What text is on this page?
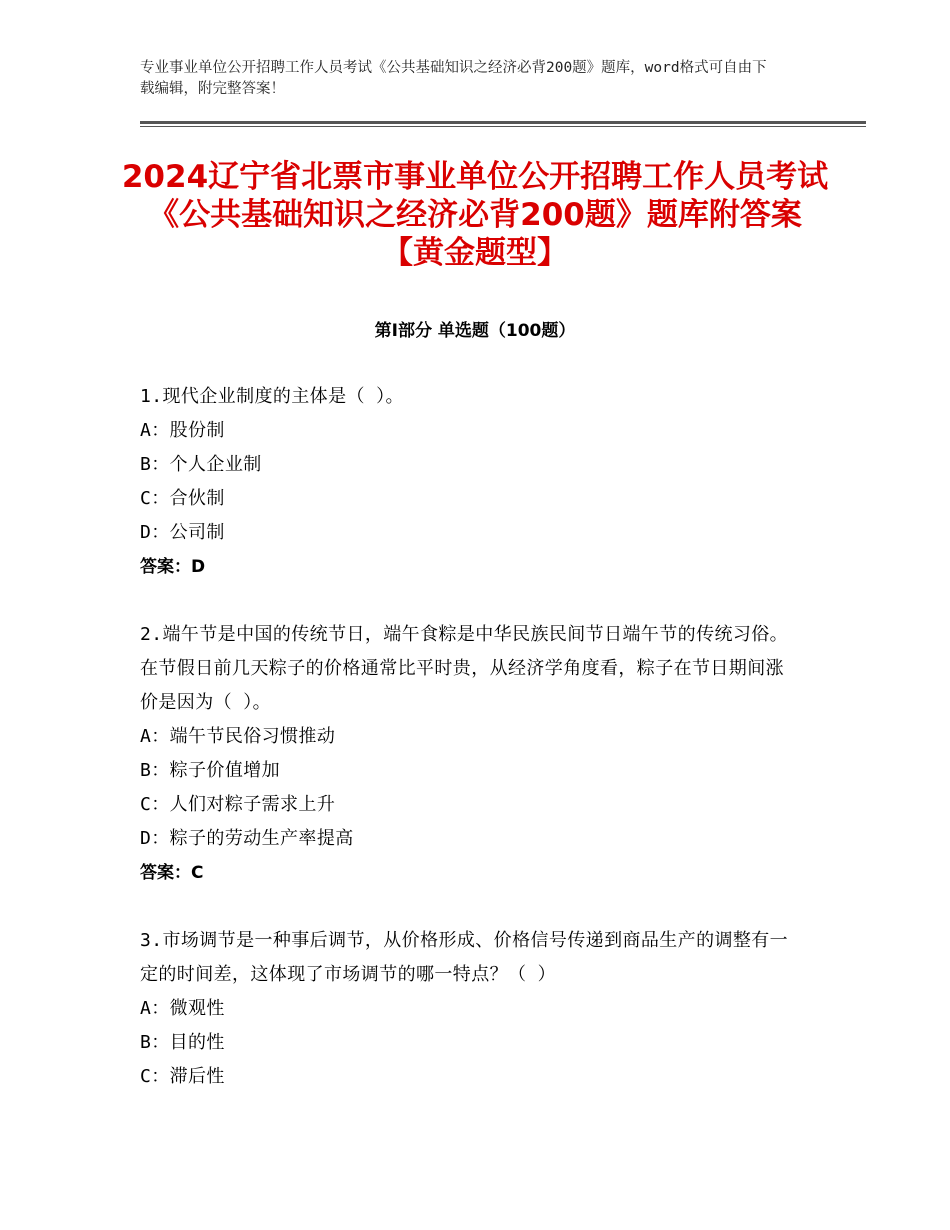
专业事业单位公开招聘工作人员考试《公共基础知识之经济必背200题》题库，word格式可自由下载编辑，附完整答案！
2024辽宁省北票市事业单位公开招聘工作人员考试《公共基础知识之经济必背200题》题库附答案【黄金题型】
第Ⅰ部分 单选题（100题）
1.现代企业制度的主体是（ ）。
A：股份制
B：个人企业制
C：合伙制
D：公司制
答案：D
2.端午节是中国的传统节日，端午食粽是中华民族民间节日端午节的传统习俗。在节假日前几天粽子的价格通常比平时贵，从经济学角度看，粽子在节日期间涨价是因为（ ）。
A：端午节民俗习惯推动
B：粽子价值增加
C：人们对粽子需求上升
D：粽子的劳动生产率提高
答案：C
3.市场调节是一种事后调节，从价格形成、价格信号传递到商品生产的调整有一定的时间差，这体现了市场调节的哪一特点？（ ）
A：微观性
B：目的性
C：滞后性
